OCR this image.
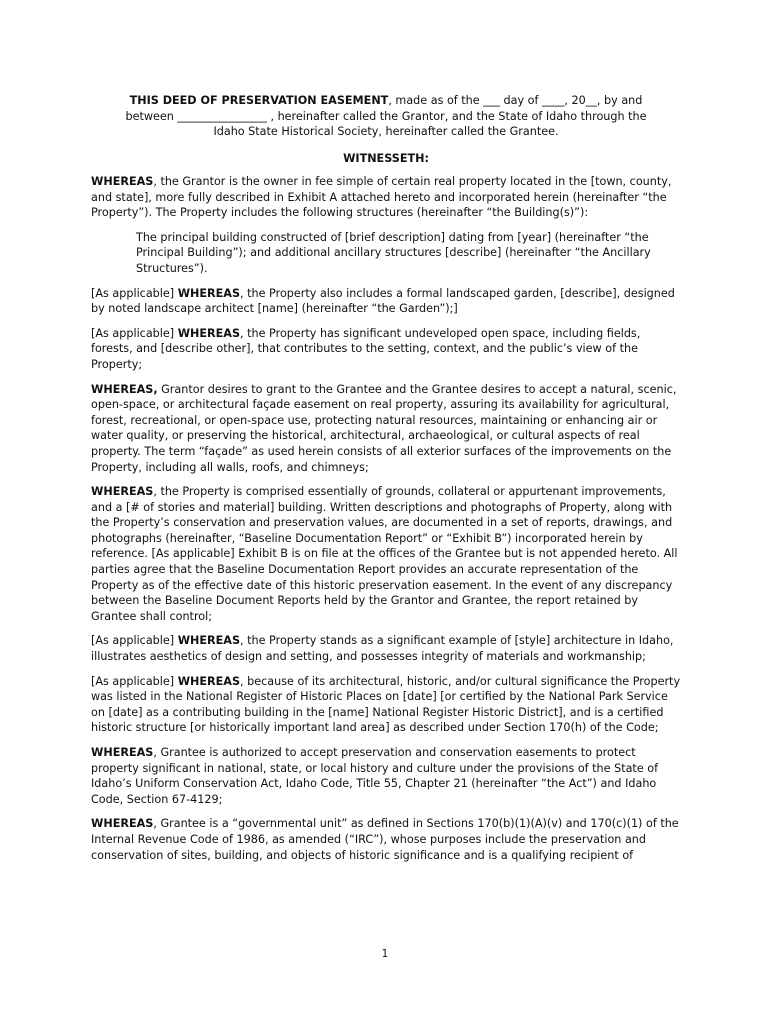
THIS DEED OF PRESERVATION EASEMENT, made as of the ___ day of ____, 20__, by and

between ________________ , hereinafter called the Grantor, and the State of Idaho through the

Idaho State Historical Society, hereinafter called the Grantee.

WITNESSETH:

WHEREAS, the Grantor is the owner in fee simple of certain real property located in the [town, county, and state], more fully described in Exhibit A attached hereto and incorporated herein (hereinafter “the Property”). The Property includes the following structures (hereinafter “the Building(s)”):

The principal building constructed of [brief description] dating from [year] (hereinafter “the Principal Building”); and additional ancillary structures [describe] (hereinafter “the Ancillary Structures”).

[As applicable] WHEREAS, the Property also includes a formal landscaped garden, [describe], designed by noted landscape architect [name] (hereinafter “the Garden”);]

[As applicable] WHEREAS, the Property has significant undeveloped open space, including fields, forests, and [describe other], that contributes to the setting, context, and the public’s view of the Property;

WHEREAS, Grantor desires to grant to the Grantee and the Grantee desires to accept a natural, scenic, open-space, or architectural façade easement on real property, assuring its availability for agricultural, forest, recreational, or open-space use, protecting natural resources, maintaining or enhancing air or water quality, or preserving the historical, architectural, archaeological, or cultural aspects of real property. The term “façade” as used herein consists of all exterior surfaces of the improvements on the Property, including all walls, roofs, and chimneys;

WHEREAS, the Property is comprised essentially of grounds, collateral or appurtenant improvements, and a [# of stories and material] building. Written descriptions and photographs of Property, along with the Property’s conservation and preservation values, are documented in a set of reports, drawings, and photographs (hereinafter, “Baseline Documentation Report” or “Exhibit B”) incorporated herein by reference. [As applicable] Exhibit B is on file at the offices of the Grantee but is not appended hereto. All parties agree that the Baseline Documentation Report provides an accurate representation of the Property as of the effective date of this historic preservation easement. In the event of any discrepancy between the Baseline Document Reports held by the Grantor and Grantee, the report retained by Grantee shall control;

[As applicable] WHEREAS, the Property stands as a significant example of [style] architecture in Idaho, illustrates aesthetics of design and setting, and possesses integrity of materials and workmanship;

[As applicable] WHEREAS, because of its architectural, historic, and/or cultural significance the Property was listed in the National Register of Historic Places on [date] [or certified by the National Park Service on [date] as a contributing building in the [name] National Register Historic District], and is a certified historic structure [or historically important land area] as described under Section 170(h) of the Code;

WHEREAS, Grantee is authorized to accept preservation and conservation easements to protect property significant in national, state, or local history and culture under the provisions of the State of Idaho’s Uniform Conservation Act, Idaho Code, Title 55, Chapter 21 (hereinafter “the Act”) and Idaho Code, Section 67-4129;

WHEREAS, Grantee is a “governmental unit” as defined in Sections 170(b)(1)(A)(v) and 170(c)(1) of the Internal Revenue Code of 1986, as amended (“IRC”), whose purposes include the preservation and conservation of sites, building, and objects of historic significance and is a qualifying recipient of

1
